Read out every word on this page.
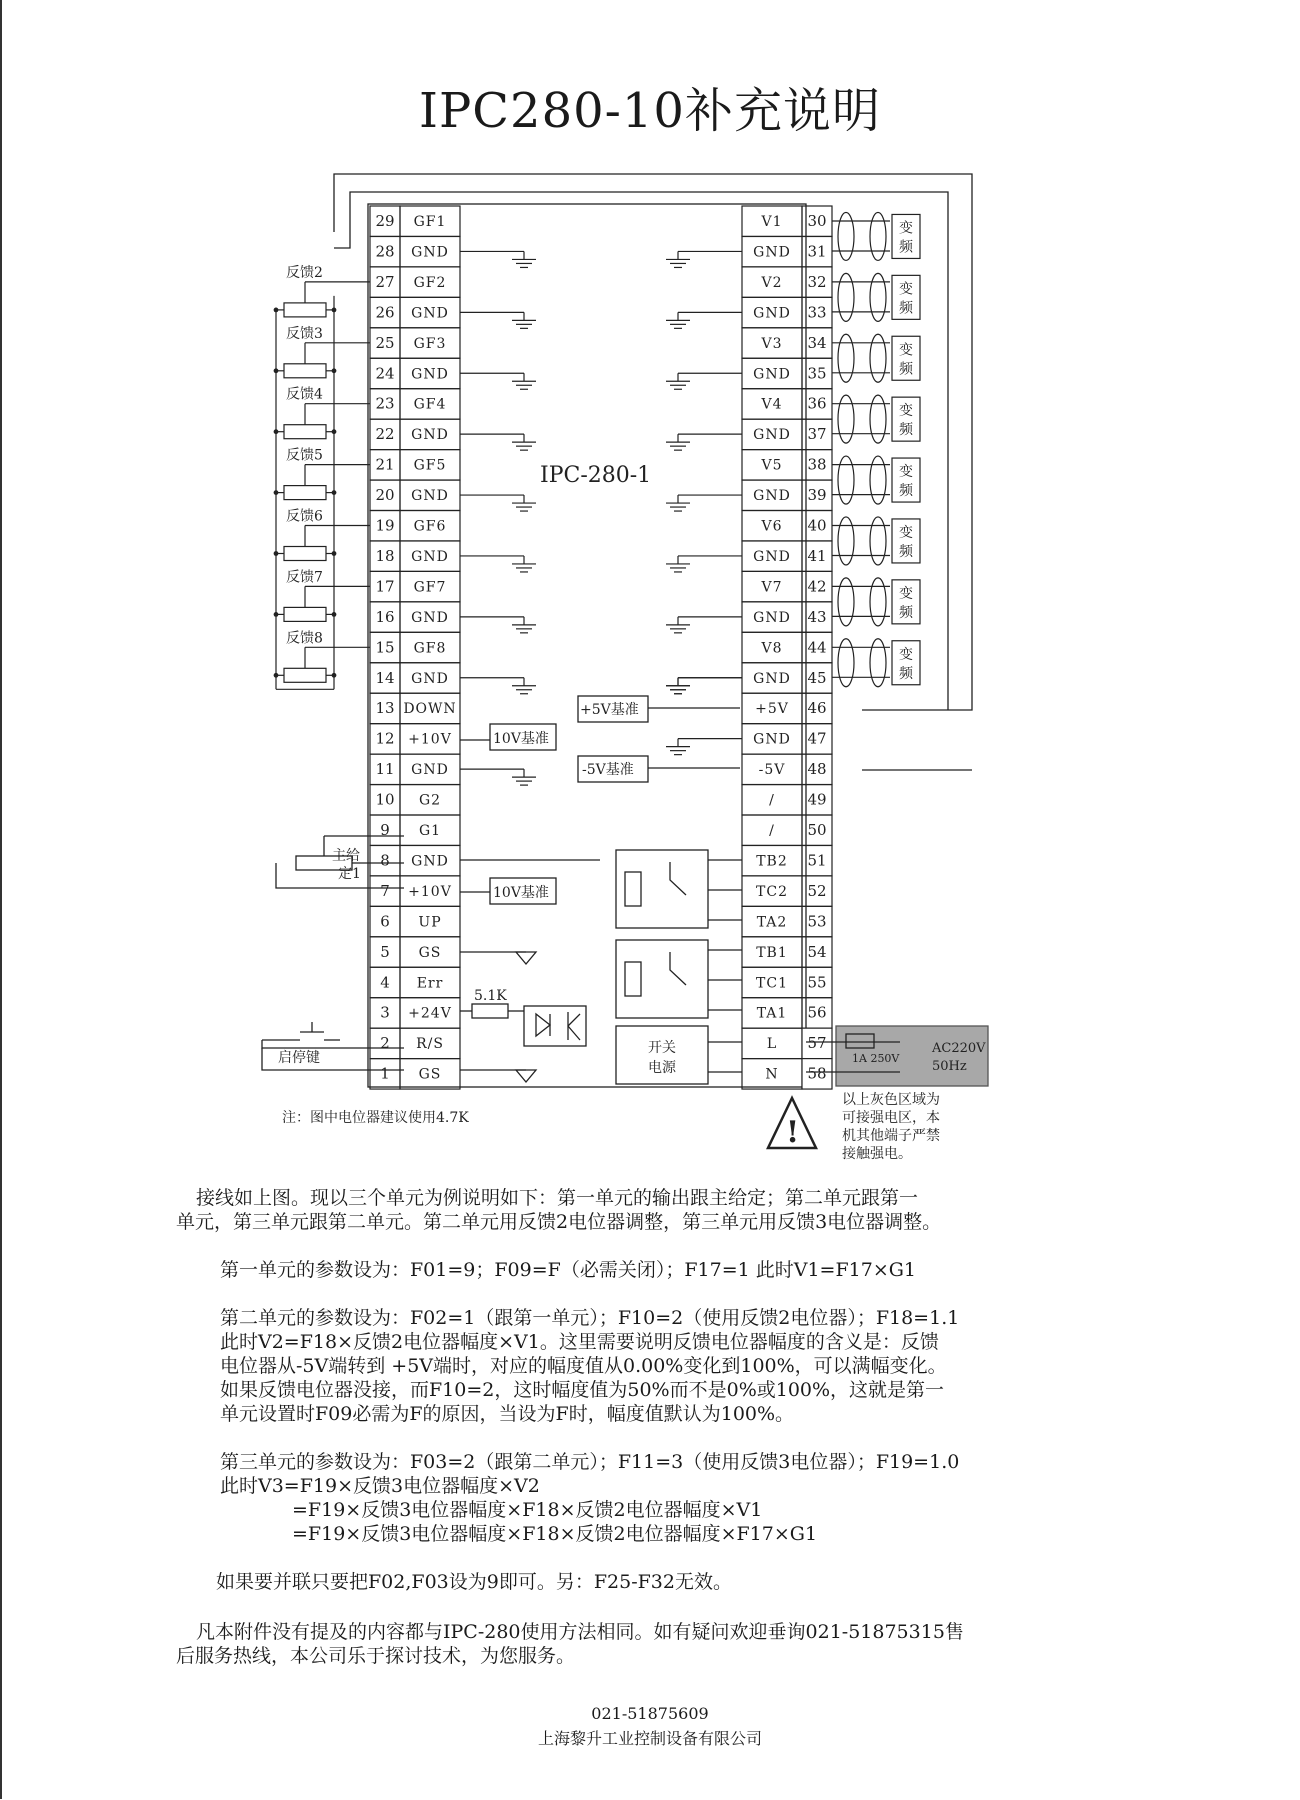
IPC280-10补充说明
29 GF1
28 GND
27 GF2
26 GND
25 GF3
24 GND
23 GF4
22 GND
21 GF5
20 GND
19 GF6
18 GND
17 GF7
16 GND
15 GF8
14 GND
13 DOWN
12 +10V
11 GND
10 G2
9 G1
8 GND
7 +10V
6 UP
5 GS
4 Err
3 +24V
2 R/S
1 GS
反馈2
反馈3
反馈4
反馈5
反馈6
反馈7
反馈8
V1 30
GND 31
V2 32
GND 33
V3 34
GND 35
V4 36
GND 37
V5 38
GND 39
V6 40
GND 41
V7 42
GND 43
V8 44
GND 45
+5V 46
GND 47
-5V 48
/ 49
/ 50
TB2 51
TC2 52
TA2 53
TB1 54
TC1 55
TA1 56
L 57
N 58
变
频
变
频
变
频
变
频
变
频
变
频
变
频
变
频
IPC-280-1
主给
定1
10V基准
10V基准
+5V基准
-5V基准
5.1K
启停键
开关
电源
1A 250V
AC220V
50Hz
注：图中电位器建议使用4.7K	!
以上灰色区域为
可接强电区，本
机其他端子严禁
接触强电。
接线如上图。现以三个单元为例说明如下：第一单元的输出跟主给定；第二单元跟第一
单元，第三单元跟第二单元。第二单元用反馈2电位器调整，第三单元用反馈3电位器调整。
第一单元的参数设为：F01=9；F09=F（必需关闭）；F17=1 此时V1=F17×G1
第二单元的参数设为：F02=1（跟第一单元）；F10=2（使用反馈2电位器）；F18=1.1
此时V2=F18×反馈2电位器幅度×V1。这里需要说明反馈电位器幅度的含义是：反馈
电位器从-5V端转到 +5V端时，对应的幅度值从0.00%变化到100%，可以满幅变化。
如果反馈电位器没接，而F10=2，这时幅度值为50%而不是0%或100%，这就是第一
单元设置时F09必需为F的原因，当设为F时，幅度值默认为100%。
第三单元的参数设为：F03=2（跟第二单元）；F11=3（使用反馈3电位器）；F19=1.0
此时V3=F19×反馈3电位器幅度×V2
=F19×反馈3电位器幅度×F18×反馈2电位器幅度×V1
=F19×反馈3电位器幅度×F18×反馈2电位器幅度×F17×G1
如果要并联只要把F02,F03设为9即可。另：F25-F32无效。
凡本附件没有提及的内容都与IPC-280使用方法相同。如有疑问欢迎垂询021-51875315售
后服务热线，本公司乐于探讨技术，为您服务。
021-51875609
上海黎升工业控制设备有限公司
